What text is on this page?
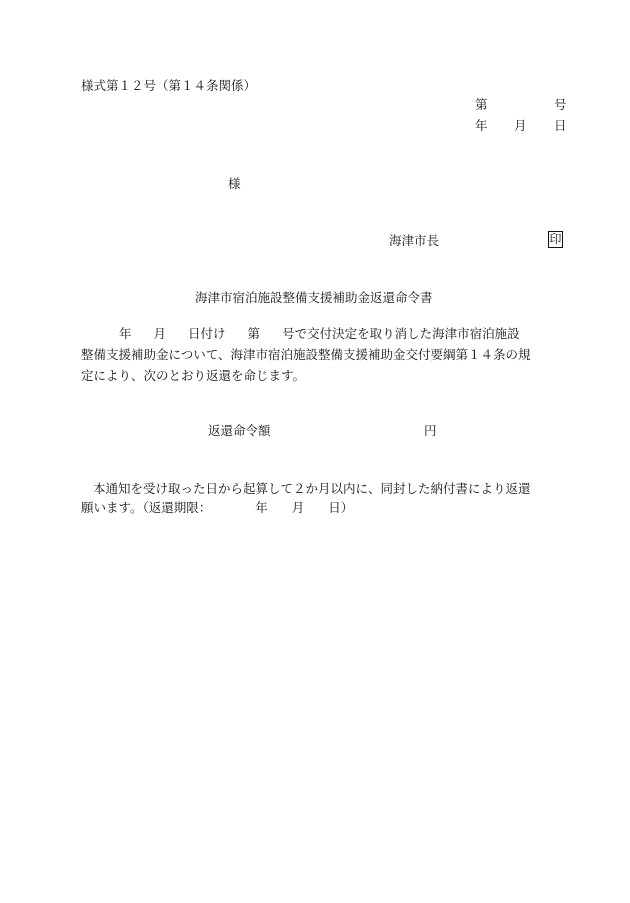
様式第１２号（第１４条関係）
第	号
年 月 日
様
海津市長	印
海津市宿泊施設整備支援補助金返還命令書
年 月 日付け 第 号で交付決定を取り消した海津市宿泊施設
整備支援補助金について、海津市宿泊施設整備支援補助金交付要綱第１４条の規
定により、次のとおり返還を命じます。
返還命令額	円
本通知を受け取った日から起算して２か月以内に、同封した納付書により返還
願います。（返還期限：	年 月 日）
